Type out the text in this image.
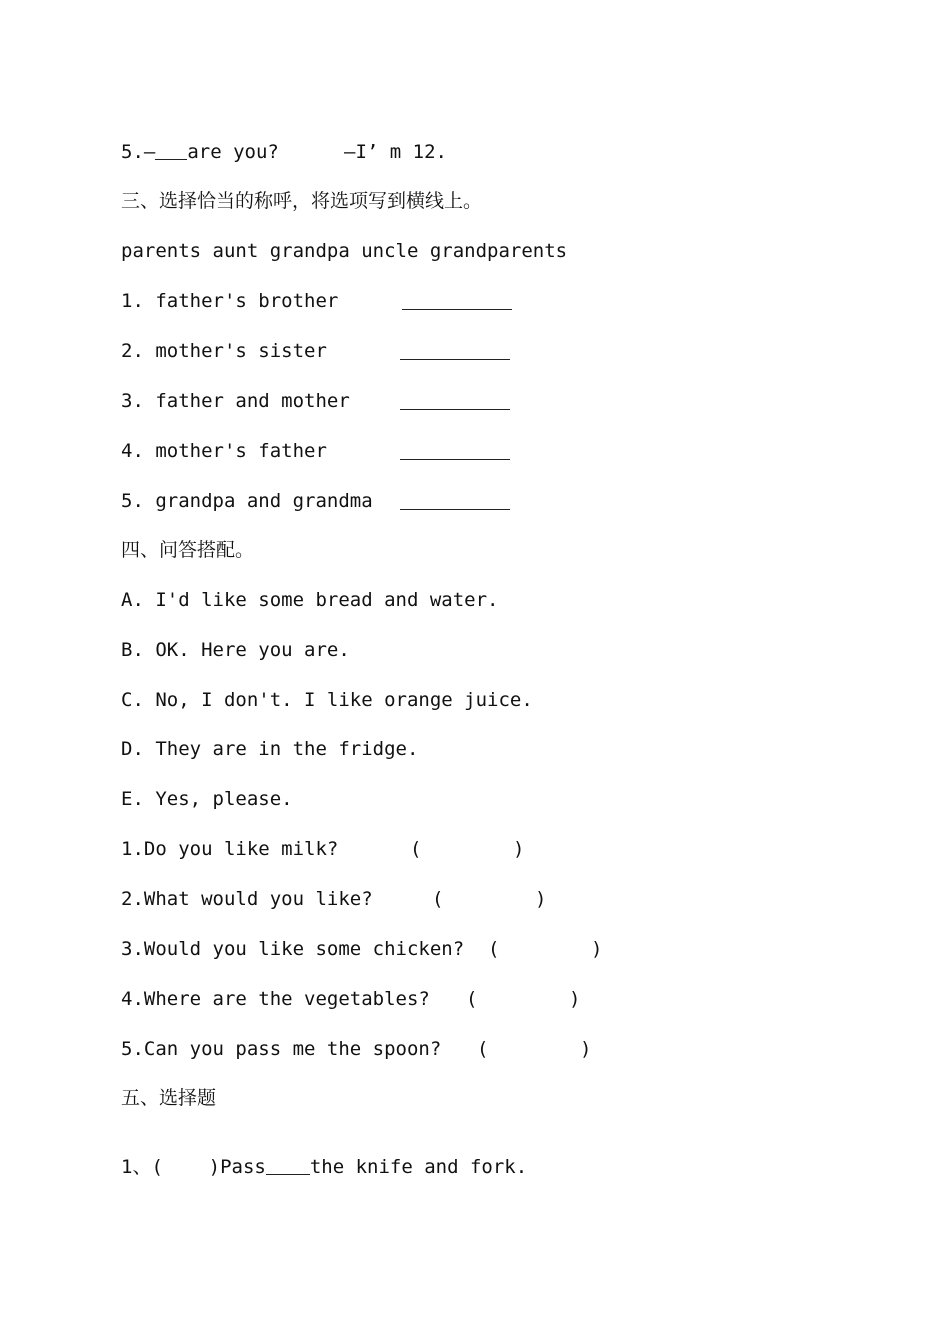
5.— are you?	—I’ m 12.
三、选择恰当的称呼，将选项写到横线上。
parents aunt grandpa uncle grandparents
1. father's brother
2. mother's sister
3. father and mother
4. mother's father
5. grandpa and grandma
四、问答搭配。
A. I'd like some bread and water.
B. OK. Here you are.
C. No, I don't. I like orange juice.
D. They are in the fridge.
E. Yes, please.
1.Do you like milk?	(        )
2.What would you like?	(        )
3.Would you like some chicken? (        )
4.Where are the vegetables? (        )
5.Can you pass me the spoon? (        )
五、选择题
1、(    )Pass the knife and fork.
